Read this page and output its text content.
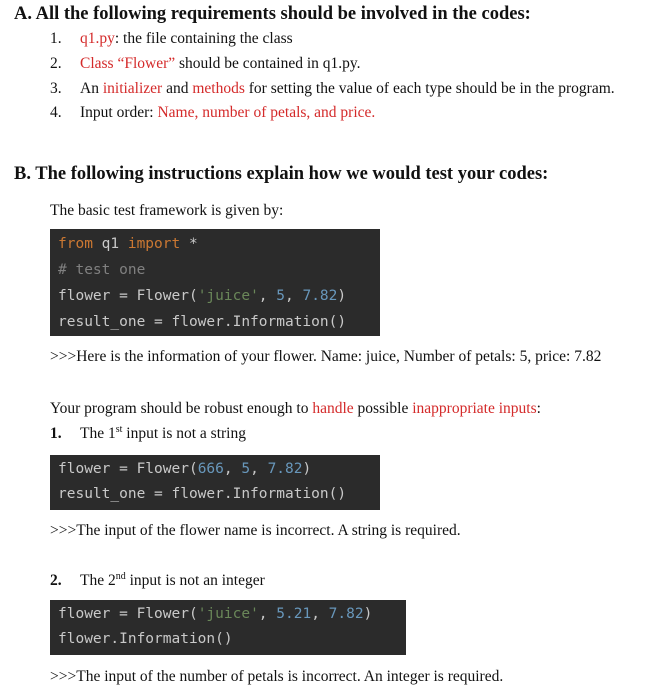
A. All the following requirements should be involved in the codes:
1. q1.py: the file containing the class
2. Class “Flower” should be contained in q1.py.
3. An initializer and methods for setting the value of each type should be in the program.
4. Input order: Name, number of petals, and price.
B. The following instructions explain how we would test your codes:
The basic test framework is given by:
from q1 import *
# test one
flower = Flower('juice', 5, 7.82)
result_one = flower.Information()
>>>Here is the information of your flower. Name: juice, Number of petals: 5, price: 7.82
Your program should be robust enough to handle possible inappropriate inputs:
1. The 1st input is not a string
flower = Flower(666, 5, 7.82)
result_one = flower.Information()
>>>The input of the flower name is incorrect. A string is required.
2. The 2nd input is not an integer
flower = Flower('juice', 5.21, 7.82)
flower.Information()
>>>The input of the number of petals is incorrect. An integer is required.
